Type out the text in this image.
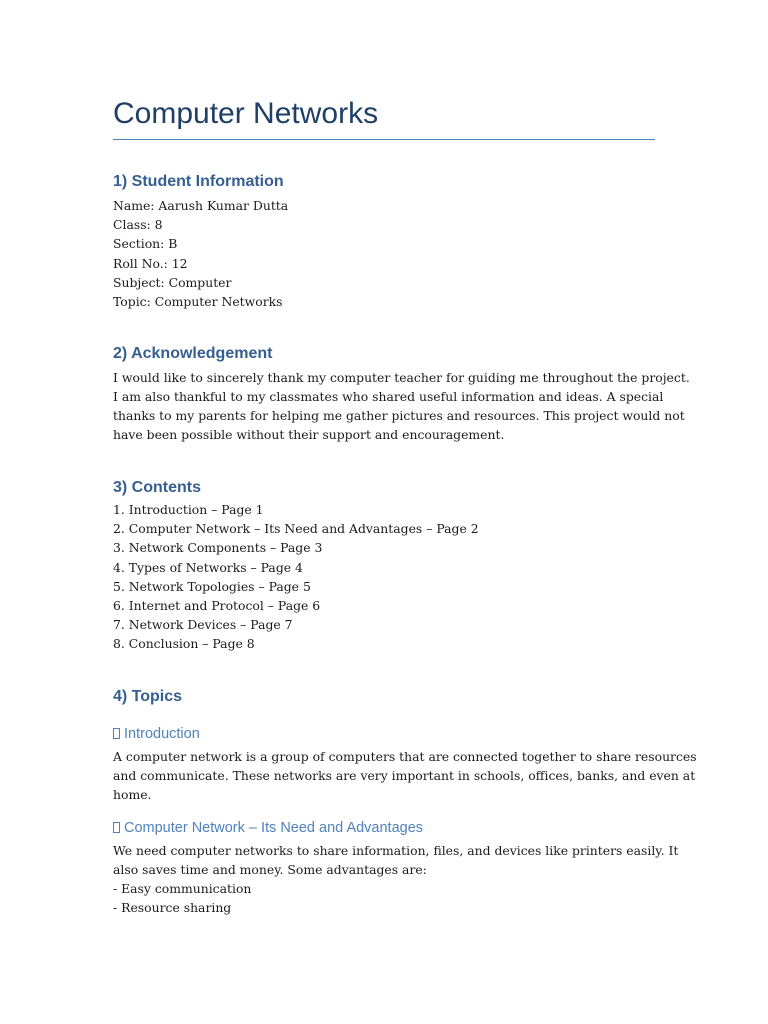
Computer Networks
1) Student Information
Name: Aarush Kumar Dutta
Class: 8
Section: B
Roll No.: 12
Subject: Computer
Topic: Computer Networks
2) Acknowledgement

I would like to sincerely thank my computer teacher for guiding me throughout the project.
I am also thankful to my classmates who shared useful information and ideas. A special
thanks to my parents for helping me gather pictures and resources. This project would not
have been possible without their support and encouragement.

3) Contents
1. Introduction – Page 1
2. Computer Network – Its Need and Advantages – Page 2
3. Network Components – Page 3
4. Types of Networks – Page 4
5. Network Topologies – Page 5
6. Internet and Protocol – Page 6
7. Network Devices – Page 7
8. Conclusion – Page 8
4) Topics
Introduction

A computer network is a group of computers that are connected together to share resources
and communicate. These networks are very important in schools, offices, banks, and even at
home.

Computer Network – Its Need and Advantages

We need computer networks to share information, files, and devices like printers easily. It
also saves time and money. Some advantages are:
- Easy communication
- Resource sharing
